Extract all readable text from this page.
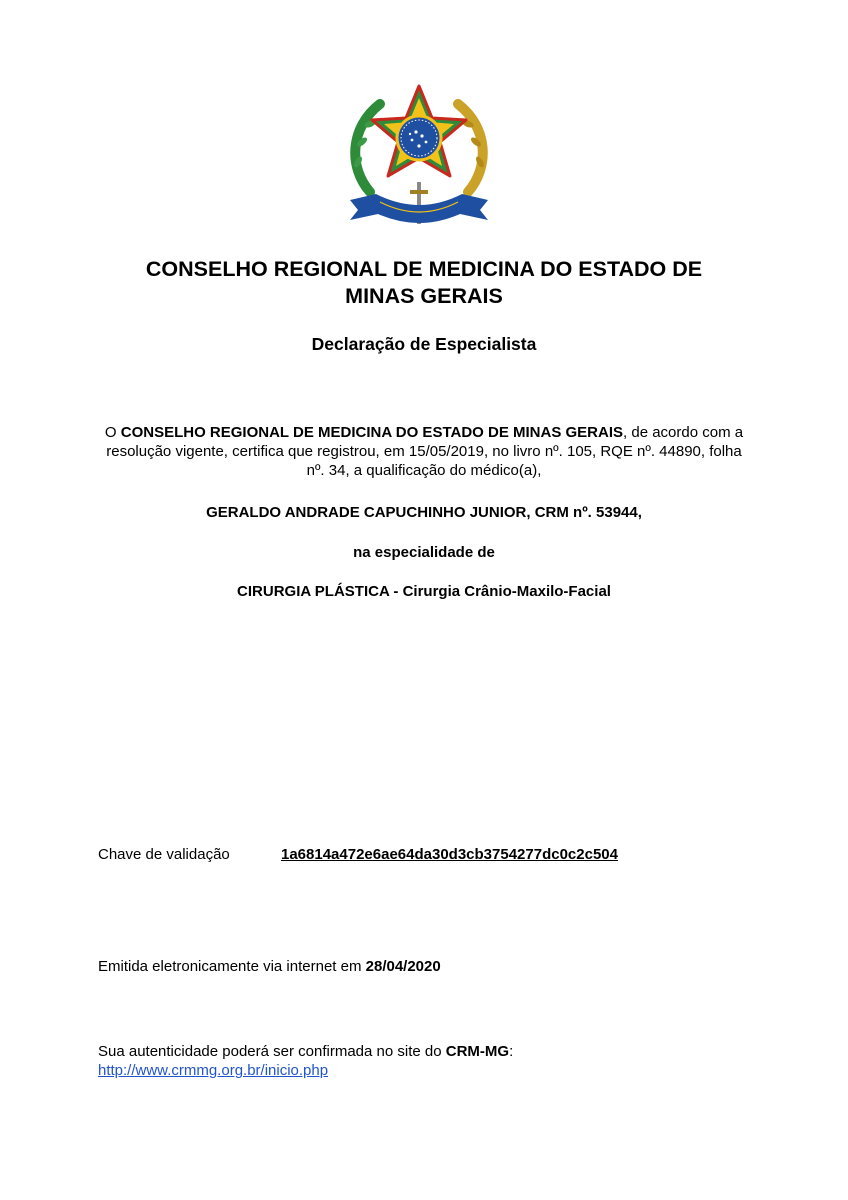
CONSELHO REGIONAL DE MEDICINA DO ESTADO DE
MINAS GERAIS
Declaração de Especialista
O CONSELHO REGIONAL DE MEDICINA DO ESTADO DE MINAS GERAIS, de acordo com a resolução vigente, certifica que registrou, em 15/05/2019, no livro nº. 105, RQE nº. 44890, folha nº. 34, a qualificação do médico(a),
GERALDO ANDRADE CAPUCHINHO JUNIOR, CRM nº. 53944,
na especialidade de
CIRURGIA PLÁSTICA - Cirurgia Crânio-Maxilo-Facial
Chave de validação	1a6814a472e6ae64da30d3cb3754277dc0c2c504
Emitida eletronicamente via internet em 28/04/2020
Sua autenticidade poderá ser confirmada no site do CRM-MG:
http://www.crmmg.org.br/inicio.php
